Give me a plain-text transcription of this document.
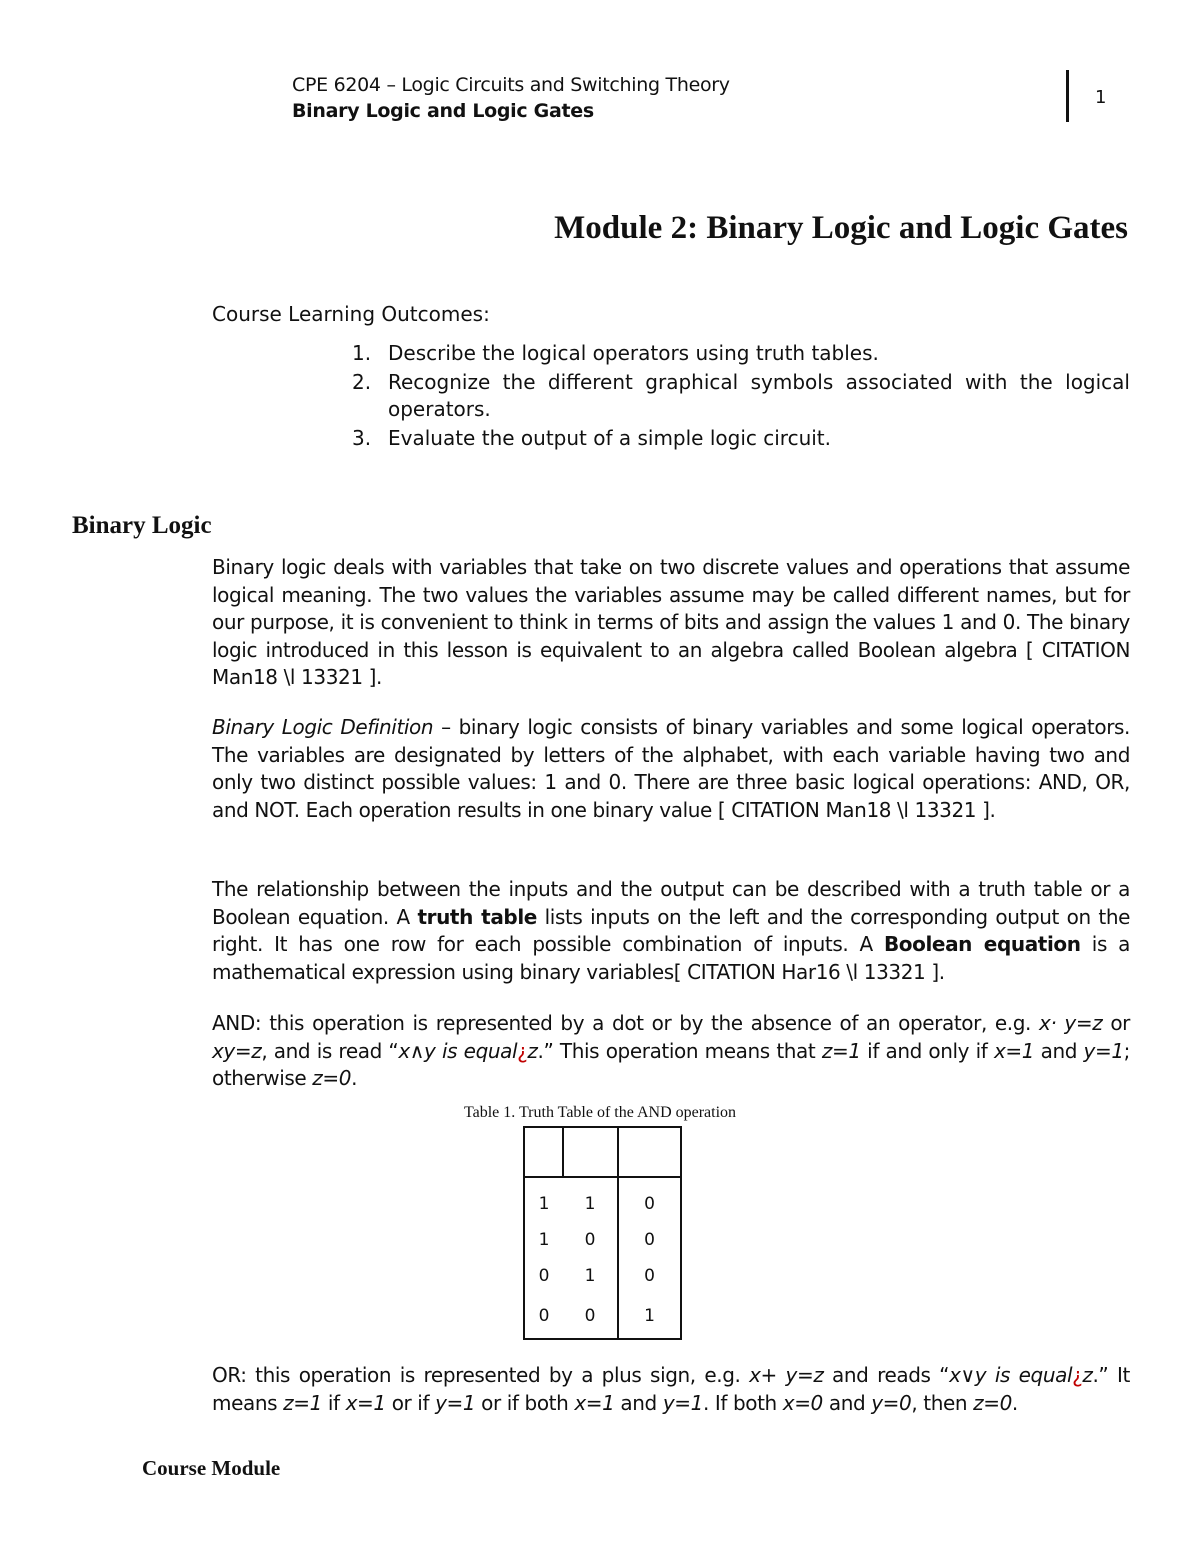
CPE 6204 – Logic Circuits and Switching Theory
Binary Logic and Logic Gates
1
Module 2: Binary Logic and Logic Gates
Course Learning Outcomes:
1. Describe the logical operators using truth tables.
2. Recognize the different graphical symbols associated with the logical operators.
3. Evaluate the output of a simple logic circuit.
Binary Logic

Binary logic deals with variables that take on two discrete values and operations that assume logical meaning. The two values the variables assume may be called different names, but for our purpose, it is convenient to think in terms of bits and assign the values 1 and 0. The binary logic introduced in this lesson is equivalent to an algebra called Boolean algebra [ CITATION Man18 \l 13321 ].

Binary Logic Definition – binary logic consists of binary variables and some logical operators. The variables are designated by letters of the alphabet, with each variable having two and only two distinct possible values: 1 and 0. There are three basic logical operations: AND, OR, and NOT. Each operation results in one binary value [ CITATION Man18 \l 13321 ].

The relationship between the inputs and the output can be described with a truth table or a Boolean equation. A truth table lists inputs on the left and the corresponding output on the right. It has one row for each possible combination of inputs. A Boolean equation is a mathematical expression using binary variables[ CITATION Har16 \l 13321 ].

AND: this operation is represented by a dot or by the absence of an operator, e.g. x· y=z or xy=z, and is read “x∧y is equal¿z.” This operation means that z=1 if and only if x=1 and y=1; otherwise z=0.

Table 1. Truth Table of the AND operation

1	1	0
1	0	0
0	1	0
0	0	1

OR: this operation is represented by a plus sign, e.g. x+ y=z and reads “x∨y is equal¿z.” It means z=1 if x=1 or if y=1 or if both x=1 and y=1. If both x=0 and y=0, then z=0.

Course Module
